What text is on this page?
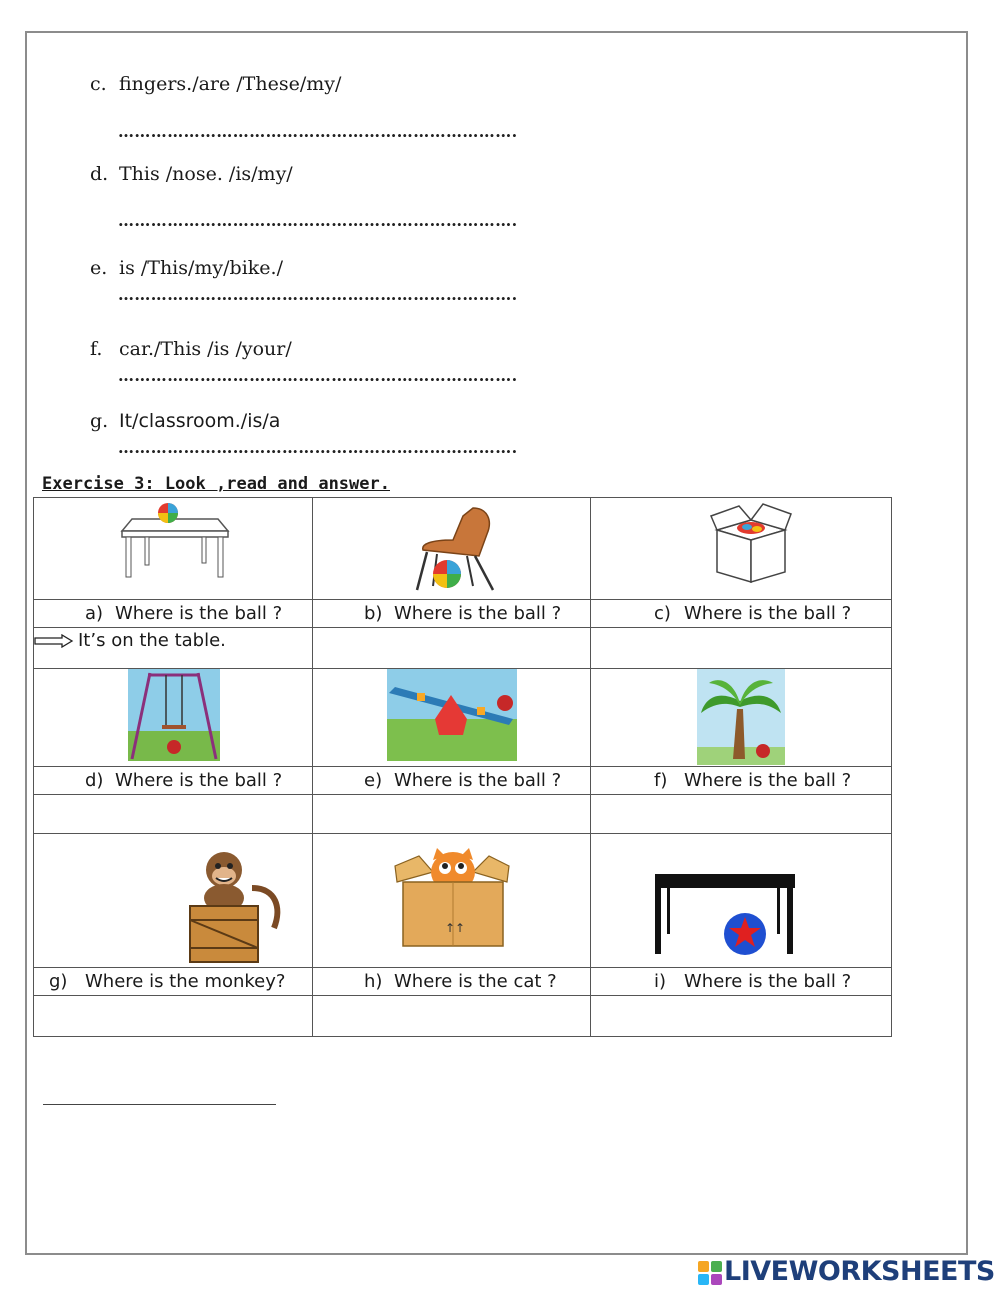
c. fingers./are /These/my/
……………………………………………………………….
d. This /nose. /is/my/
……………………………………………………………….
e. is /This/my/bike./
……………………………………………………………….
f. car./This /is /your/
……………………………………………………………….
g. It/classroom./is/a
……………………………………………………………….
Exercise 3: Look ,read and answer.

a) Where is the ball ?	b) Where is the ball ?	c) Where is the ball ?
It’s on the table.		

d) Where is the ball ?	e) Where is the ball ?	f) Where is the ball ?

↑↑

g) Where is the monkey?	h) Where is the cat ?	i) Where is the ball ?

LIVEWORKSHEETS
